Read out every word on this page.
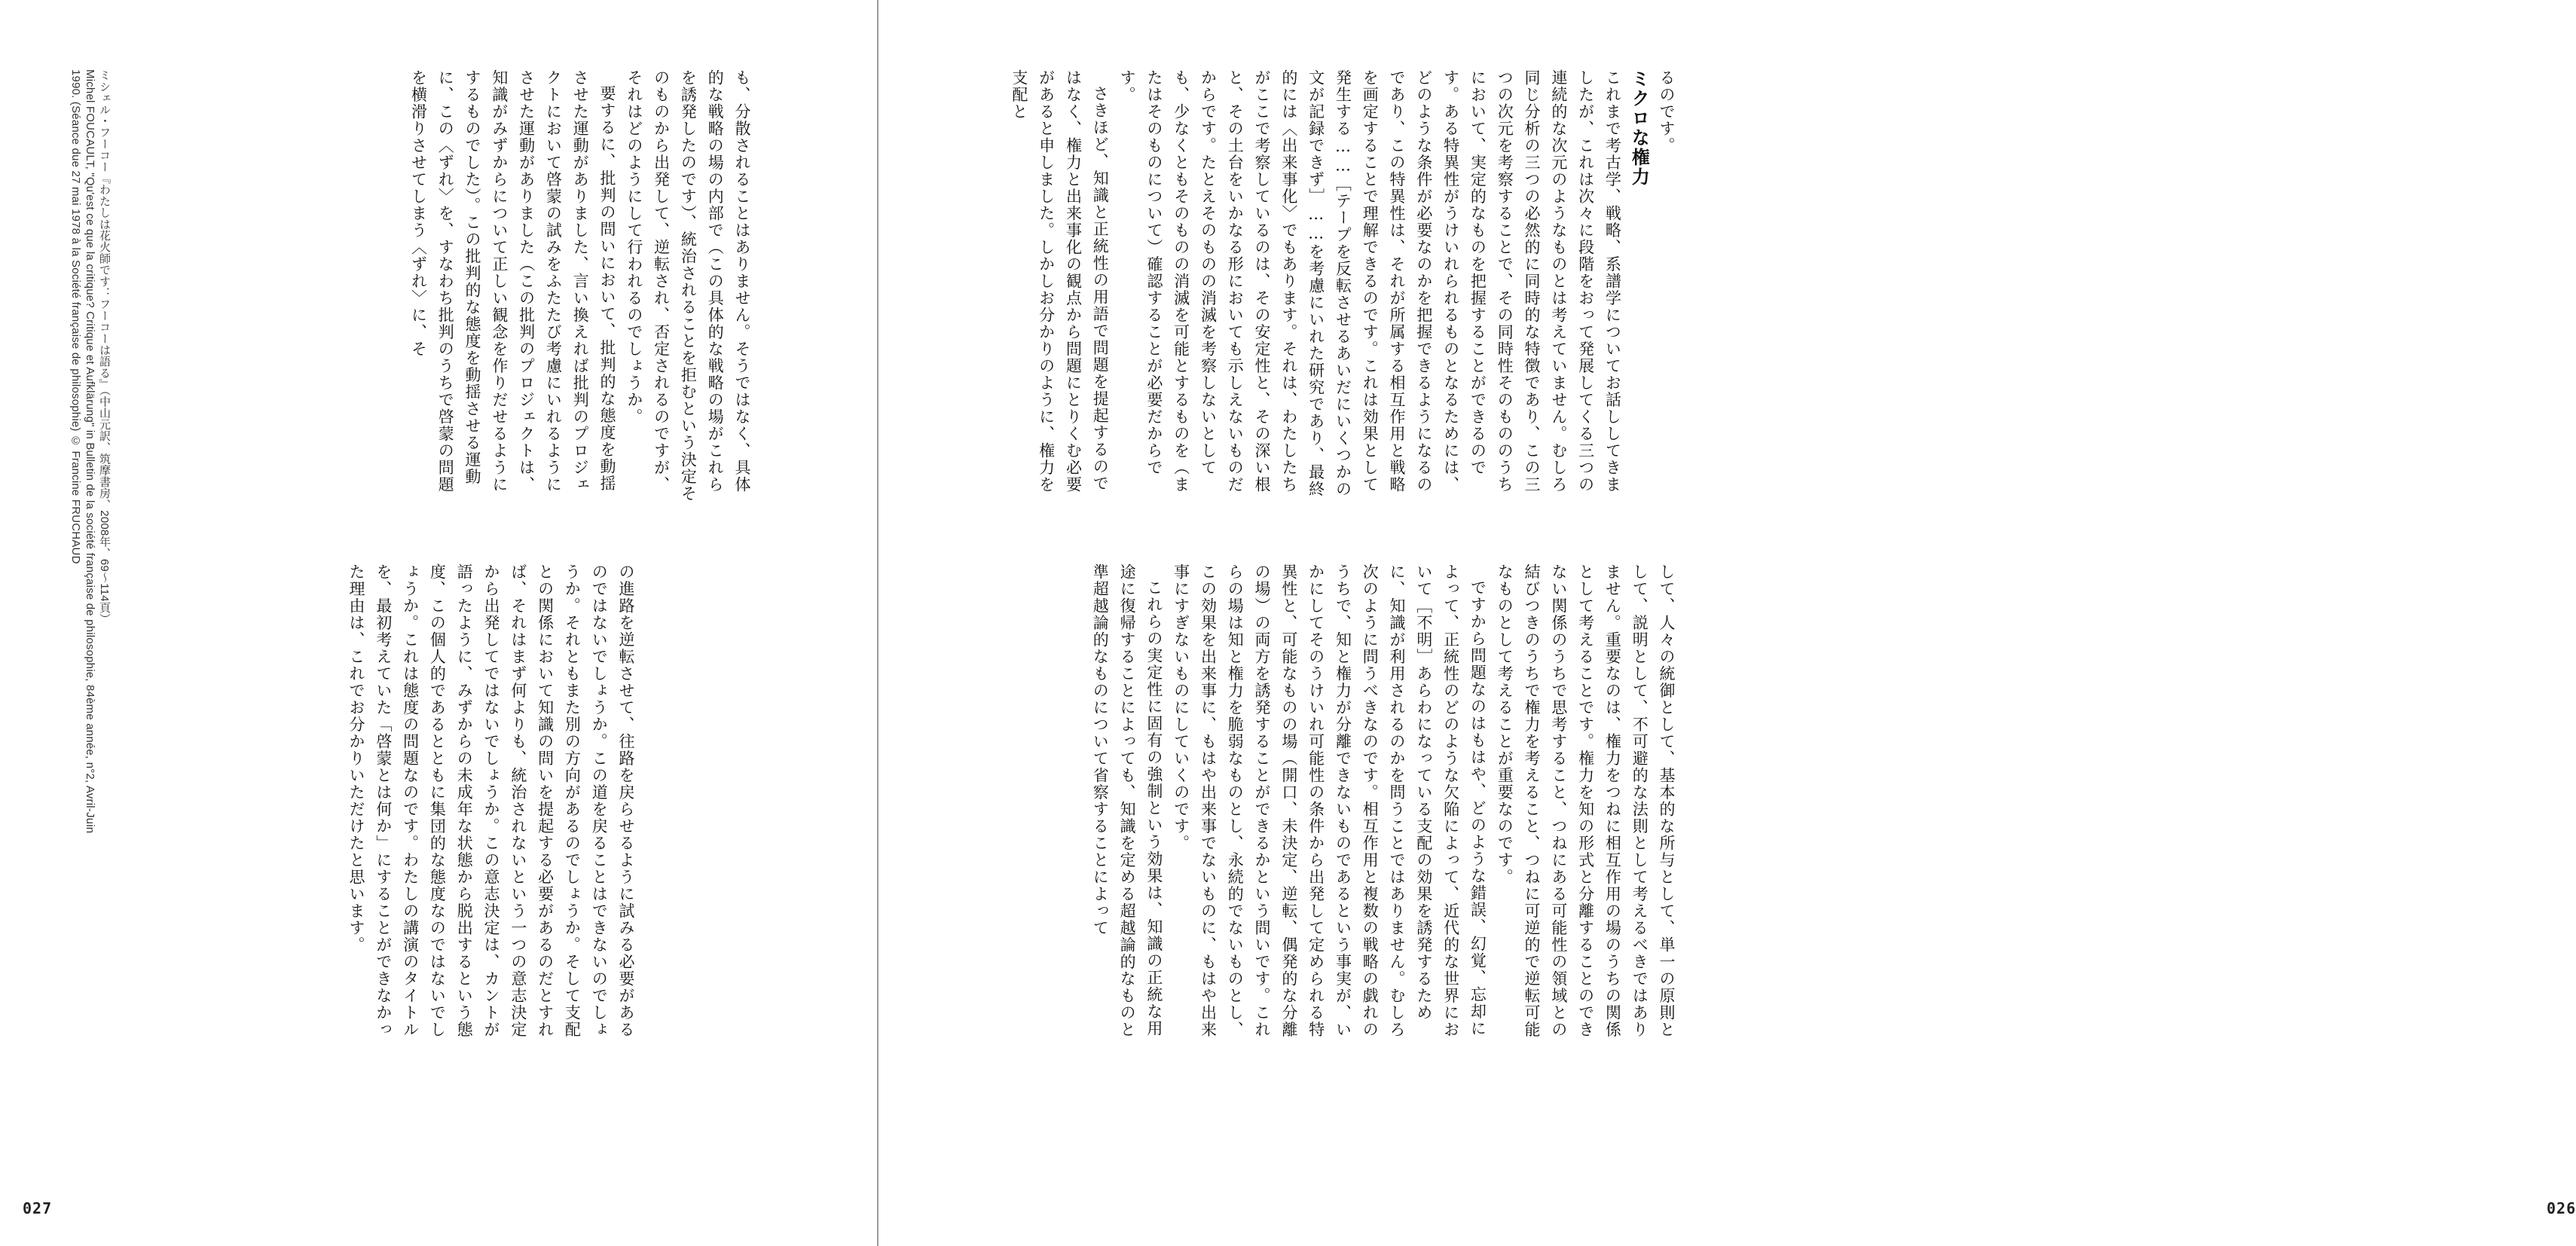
るのです。

ミクロな権力

これまで考古学、戦略、系譜学についてお話ししてきましたが、これは次々に段階をおって発展してくる三つの連続的な次元のようなものとは考えていません。むしろ同じ分析の三つの必然的に同時的な特徴であり、この三つの次元を考察することで、その同時性そのもののうちにおいて、実定的なものを把握することができるのです。ある特異性がうけいれられるものとなるためには、どのような条件が必要なのかを把握できるようになるのであり、この特異性は、それが所属する相互作用と戦略を画定することで理解できるのです。これは効果として発生する……［テープを反転させるあいだにいくつかの文が記録できず］……を考慮にいれた研究であり、最終的には〈出来事化〉でもあります。それは、わたしたちがここで考察しているのは、その安定性と、その深い根と、その土台をいかなる形においても示しえないものだからです。たとえそのものの消滅を考察しないとしても、少なくともそのものの消滅を可能とするものを（またはそのものについて）確認することが必要だからです。

さきほど、知識と正統性の用語で問題を提起するのではなく、権力と出来事化の観点から問題にとりくむ必要があると申しました。しかしお分かりのように、権力を支配と

して、人々の統御として、基本的な所与として、単一の原則として、説明として、不可避的な法則として考えるべきではありません。重要なのは、権力をつねに相互作用の場のうちの関係として考えることです。権力を知の形式と分離することのできない関係のうちで思考すること、つねにある可能性の領域との結びつきのうちで権力を考えること、つねに可逆的で逆転可能なものとして考えることが重要なのです。

ですから問題なのはもはや、どのような錯誤、幻覚、忘却によって、正統性のどのような欠陥によって、近代的な世界において［不明］あらわになっている支配の効果を誘発するために、知識が利用されるのかを問うことではありません。むしろ次のように問うべきなのです。相互作用と複数の戦略の戯れのうちで、知と権力が分離できないものであるという事実が、いかにしてそのうけいれ可能性の条件から出発して定められる特異性と、可能なものの場（開口、未決定、逆転、偶発的な分離の場）の両方を誘発することができるかという問いです。これらの場は知と権力を脆弱なものとし、永続的でないものとし、この効果を出来事に、もはや出来事でないものに、もはや出来事にすぎないものにしていくのです。

これらの実定性に固有の強制という効果は、知識の正統な用途に復帰することによっても、知識を定める超越論的なものと準超越論的なものについて省察することによって

026

も、分散されることはありません。そうではなく、具体的な戦略の場の内部で（この具体的な戦略の場がこれらを誘発したのです）、統治されることを拒むという決定そのものから出発して、逆転され、否定されるのですが、それはどのようにして行われるのでしょうか。

要するに、批判の問いにおいて、批判的な態度を動揺させた運動がありました、言い換えれば批判のプロジェクトにおいて啓蒙の試みをふたたび考慮にいれるようにさせた運動がありました（この批判のプロジェクトは、知識がみずからについて正しい観念を作りだせるようにするものでした）。この批判的な態度を動揺させる運動に、この〈ずれ〉を、すなわち批判のうちで啓蒙の問題を横滑りさせてしまう〈ずれ〉に、そ

の進路を逆転させて、往路を戻らせるように試みる必要があるのではないでしょうか。この道を戻ることはできないのでしょうか。それともまた別の方向があるのでしょうか。そして支配との関係において知識の問いを提起する必要があるのだとすれば、それはまず何よりも、統治されないという一つの意志決定から出発してではないでしょうか。この意志決定は、カントが語ったように、みずからの未成年な状態から脱出するという態度、この個人的であるとともに集団的な態度なのではないでしょうか。これは態度の問題なのです。わたしの講演のタイトルを、最初考えていた「啓蒙とは何か」にすることができなかった理由は、これでお分かりいただけたと思います。

ミシェル・フーコー『わたしは花火師です：フーコーは語る』（中山元訳、筑摩書房、2008年、69～114頁）
Michel FOUCAULT, "Qu'est ce que la critique? Critique et Aufklärung" in Bulletin de la société française de philosophie, 84ème année, n°2, Avril-Juin
1990. (Séance due 27 mai 1978 à la Société française de philosophie) © Francine FRUCHAUD
027
